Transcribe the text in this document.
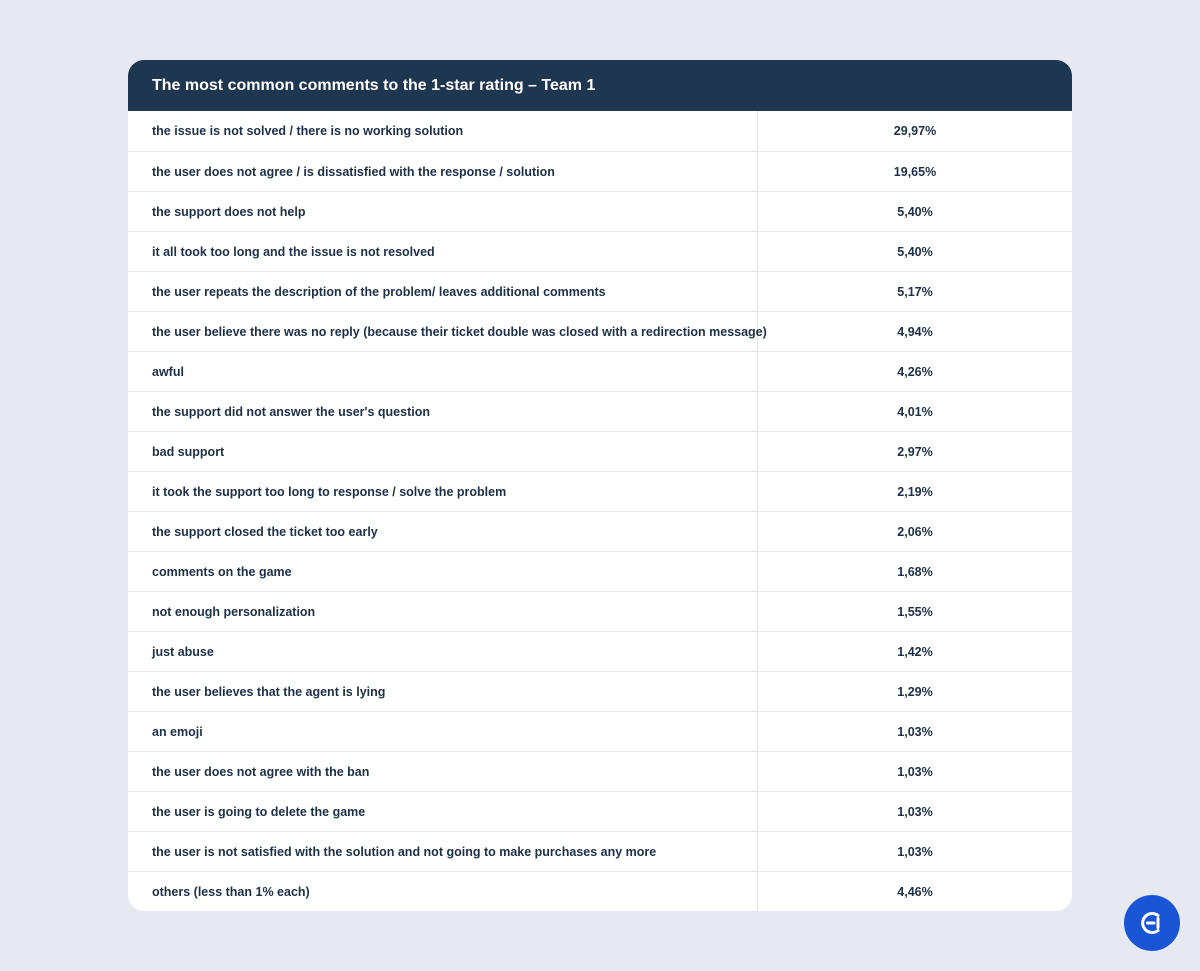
The most common comments to the 1-star rating – Team 1
the issue is not solved / there is no working solution	29,97%
the user does not agree / is dissatisfied with the response / solution	19,65%
the support does not help	5,40%
it all took too long and the issue is not resolved	5,40%
the user repeats the description of the problem/ leaves additional comments	5,17%
the user believe there was no reply (because their ticket double was closed with a redirection message)	4,94%
awful	4,26%
the support did not answer the user's question	4,01%
bad support	2,97%
it took the support too long to response / solve the problem	2,19%
the support closed the ticket too early	2,06%
comments on the game	1,68%
not enough personalization	1,55%
just abuse	1,42%
the user believes that the agent is lying	1,29%
an emoji	1,03%
the user does not agree with the ban	1,03%
the user is going to delete the game	1,03%
the user is not satisfied with the solution and not going to make purchases any more	1,03%
others (less than 1% each)	4,46%
